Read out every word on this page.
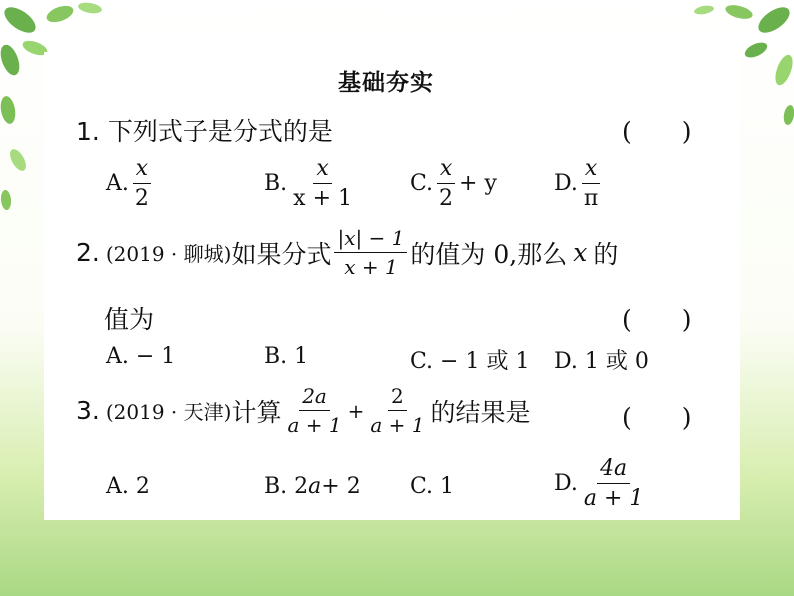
基础夯实
1. 下列式子是分式的是	(　　)
A. $\frac{x}{2}$	B. $\frac{x}{x + 1}$	C. $\frac{x}{2} + y$	D. $\frac{x}{\pi}$
2. (2019 · 聊城) 如果分式 $\frac{|x| - 1}{x + 1}$ 的值为 0,那么 x 的
值为	(　　)
A. − 1	B. 1	C. − 1 或 1 D. 1 或 0
3. (2019 · 天津) 计算 $\frac{2a}{a + 1} + \frac{2}{a + 1}$ 的结果是	(　　)
A. 2	B. 2 a + 2 C. 1	D. $\frac{4a}{a + 1}$
